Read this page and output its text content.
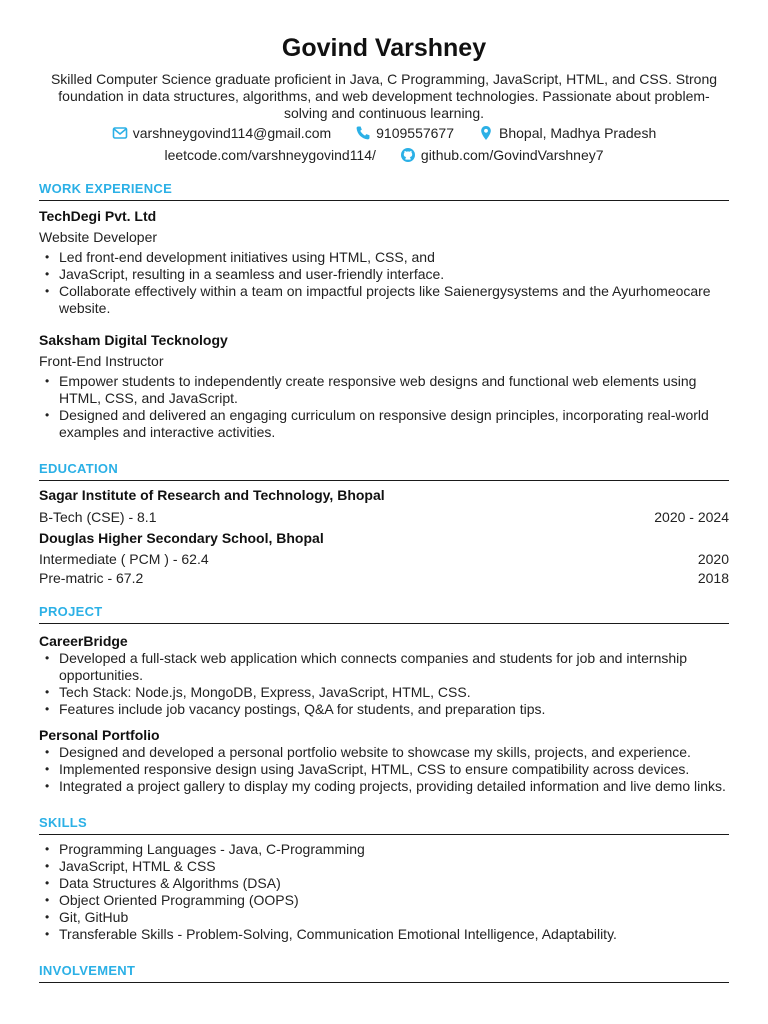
Govind Varshney
Skilled Computer Science graduate proficient in Java, C Programming, JavaScript, HTML, and CSS. Strong foundation in data structures, algorithms, and web development technologies. Passionate about problem-solving and continuous learning.
varshneygovind114@gmail.com	9109557677	Bhopal, Madhya Pradesh
leetcode.com/varshneygovind114/	github.com/GovindVarshney7
WORK EXPERIENCE
TechDegi Pvt. Ltd
Website Developer
• Led front-end development initiatives using HTML, CSS, and
• JavaScript, resulting in a seamless and user-friendly interface.
• Collaborate effectively within a team on impactful projects like Saienergysystems and the Ayurhomeocare website.
Saksham Digital Tecknology
Front-End Instructor
• Empower students to independently create responsive web designs and functional web elements using HTML, CSS, and JavaScript.
• Designed and delivered an engaging curriculum on responsive design principles, incorporating real-world examples and interactive activities.
EDUCATION
Sagar Institute of Research and Technology, Bhopal
B-Tech (CSE) - 8.1	2020 - 2024
Douglas Higher Secondary School, Bhopal
Intermediate ( PCM ) - 62.4	2020
Pre-matric - 67.2	2018
PROJECT
CareerBridge
• Developed a full-stack web application which connects companies and students for job and internship opportunities.
• Tech Stack: Node.js, MongoDB, Express, JavaScript, HTML, CSS.
• Features include job vacancy postings, Q&A for students, and preparation tips.
Personal Portfolio
• Designed and developed a personal portfolio website to showcase my skills, projects, and experience.
• Implemented responsive design using JavaScript, HTML, CSS to ensure compatibility across devices.
• Integrated a project gallery to display my coding projects, providing detailed information and live demo links.
SKILLS
• Programming Languages - Java, C-Programming
• JavaScript, HTML & CSS
• Data Structures & Algorithms (DSA)
• Object Oriented Programming (OOPS)
• Git, GitHub
• Transferable Skills - Problem-Solving, Communication Emotional Intelligence, Adaptability.
INVOLVEMENT
